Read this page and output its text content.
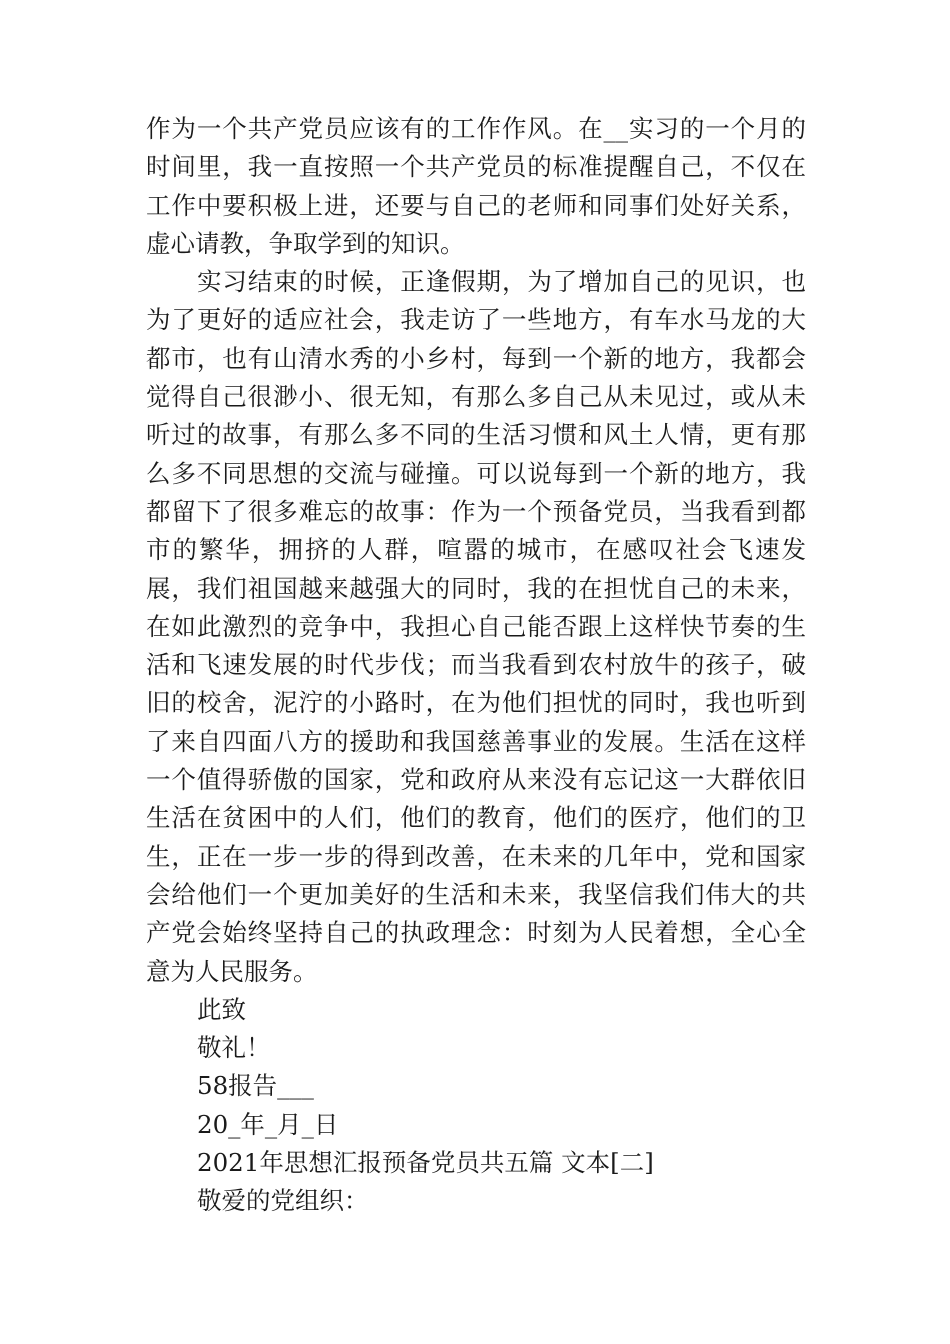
作为一个共产党员应该有的工作作风。在__实习的一个月的时间里，我一直按照一个共产党员的标准提醒自己，不仅在工作中要积极上进，还要与自己的老师和同事们处好关系，虚心请教，争取学到的知识。

实习结束的时候，正逢假期，为了增加自己的见识，也为了更好的适应社会，我走访了一些地方，有车水马龙的大都市，也有山清水秀的小乡村，每到一个新的地方，我都会觉得自己很渺小、很无知，有那么多自己从未见过，或从未听过的故事，有那么多不同的生活习惯和风土人情，更有那么多不同思想的交流与碰撞。可以说每到一个新的地方，我都留下了很多难忘的故事：作为一个预备党员，当我看到都市的繁华，拥挤的人群，喧嚣的城市，在感叹社会飞速发展，我们祖国越来越强大的同时，我的在担忧自己的未来，在如此激烈的竞争中，我担心自己能否跟上这样快节奏的生活和飞速发展的时代步伐；而当我看到农村放牛的孩子，破旧的校舍，泥泞的小路时，在为他们担忧的同时，我也听到了来自四面八方的援助和我国慈善事业的发展。生活在这样一个值得骄傲的国家，党和政府从来没有忘记这一大群依旧生活在贫困中的人们，他们的教育，他们的医疗，他们的卫生，正在一步一步的得到改善，在未来的几年中，党和国家会给他们一个更加美好的生活和未来，我坚信我们伟大的共产党会始终坚持自己的执政理念：时刻为人民着想，全心全意为人民服务。

此致

敬礼！

58报告___

20_年_月_日

2021年思想汇报预备党员共五篇 文本[二]

敬爱的党组织：
